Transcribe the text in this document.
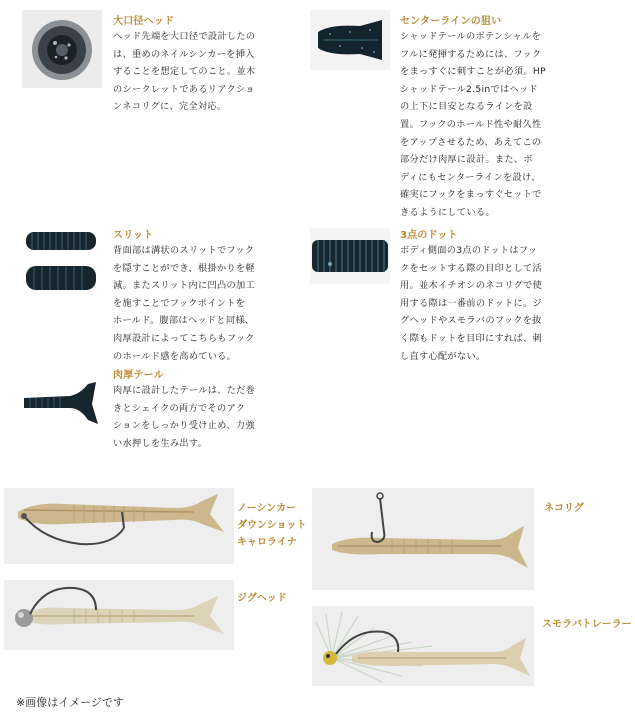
大口径ヘッド
ヘッド先端を大口径で設計したの
は、重めのネイルシンカーを挿入
することを想定してのこと。並木
のシークレットであるリアクショ
ンネコリグに、完全対応。
センターラインの狙い
シャッドテールのポテンシャルを
フルに発揮するためには、フック
をまっすぐに刺すことが必須。HP
シャッドテール2.5inではヘッド
の上下に目安となるラインを設
置。フックのホールド性や耐久性
をアップさせるため、あえてこの
部分だけ肉厚に設計。また、ボ
ディにもセンターラインを設け、
確実にフックをまっすぐセットで
きるようにしている。
スリット
背面部は溝状のスリットでフック
を隠すことができ、根掛かりを軽
減。またスリット内に凹凸の加工
を施すことでフックポイントを
ホールド。腹部はヘッドと同様、
肉厚設計によってこちらもフック
のホールド感を高めている。
3点のドット
ボディ側面の3点のドットはフッ
クをセットする際の目印として活
用。並木イチオシのネコリグで使
用する際は一番前のドットに。ジ
グヘッドやスモラバのフックを抜
く際もドットを目印にすれば、刺
し直す心配がない。
肉厚テール
肉厚に設計したテールは、ただ巻
きとシェイクの両方でそのアク
ションをしっかり受け止め、力強
い水押しを生み出す。
ノーシンカー
ダウンショット
キャロライナ
ネコリグ
ジグヘッド
スモラバトレーラー
※画像はイメージです
